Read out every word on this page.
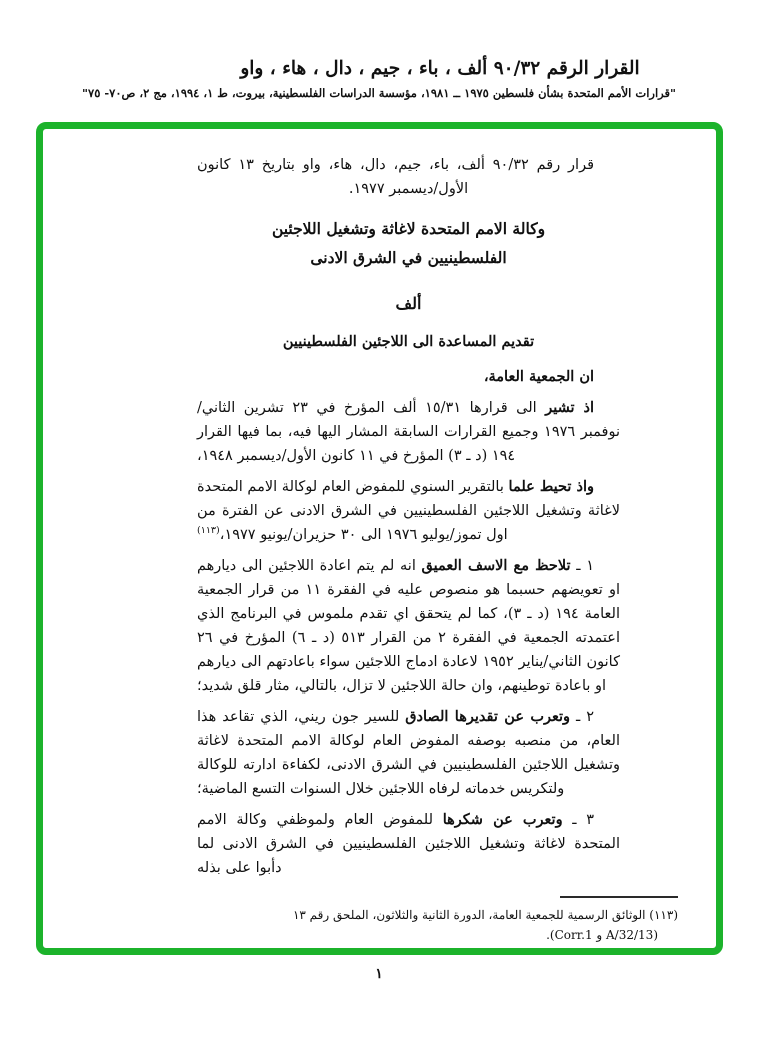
القرار الرقم ٩٠/٣٢ ألف ، باء ، جيم ، دال ، هاء ، واو
"قرارات الأمم المتحدة بشأن فلسطين ١٩٧٥ ــ ١٩٨١، مؤسسة الدراسات الفلسطينية، بيروت، ط ١، ١٩٩٤، مج ٢، ص٧٠- ٧٥"

قرار رقم ٩٠/٣٢ ألف، باء، جيم، دال، هاء، واو بتاريخ ١٣ كانون الأول/ديسمبر ١٩٧٧.

وكالة الامم المتحدة لاغاثة وتشغيل اللاجئين
الفلسطينيين في الشرق الادنى
ألف
تقديم المساعدة الى اللاجئين الفلسطينيين

ان الجمعية العامة،

اذ تشير الى قرارها ١٥/٣١ ألف المؤرخ في ٢٣ تشرين الثاني/نوفمبر ١٩٧٦ وجميع القرارات السابقة المشار اليها فيه، بما فيها القرار ١٩٤ (د ـ ٣) المؤرخ في ١١ كانون الأول/ديسمبر ١٩٤٨،

واذ تحيط علما بالتقرير السنوي للمفوض العام لوكالة الامم المتحدة لاغاثة وتشغيل اللاجئين الفلسطينيين في الشرق الادنى عن الفترة من اول تموز/يوليو ١٩٧٦ الى ٣٠ حزيران/يونيو ١٩٧٧،$^{(١١٣)}$

١ ـ تلاحظ مع الاسف العميق انه لم يتم اعادة اللاجئين الى ديارهم او تعويضهم حسبما هو منصوص عليه في الفقرة ١١ من قرار الجمعية العامة ١٩٤ (د ـ ٣)، كما لم يتحقق اي تقدم ملموس في البرنامج الذي اعتمدته الجمعية في الفقرة ٢ من القرار ٥١٣ (د ـ ٦) المؤرخ في ٢٦ كانون الثاني/يناير ١٩٥٢ لاعادة ادماج اللاجئين سواء باعادتهم الى ديارهم او باعادة توطينهم، وان حالة اللاجئين لا تزال، بالتالي، مثار قلق شديد؛

٢ ـ وتعرب عن تقديرها الصادق للسير جون ريني، الذي تقاعد هذا العام، من منصبه بوصفه المفوض العام لوكالة الامم المتحدة لاغاثة وتشغيل اللاجئين الفلسطينيين في الشرق الادنى، لكفاءة ادارته للوكالة ولتكريس خدماته لرفاه اللاجئين خلال السنوات التسع الماضية؛

٣ ـ وتعرب عن شكرها للمفوض العام ولموظفي وكالة الامم المتحدة لاغاثة وتشغيل اللاجئين الفلسطينيين في الشرق الادنى لما دأبوا على بذله

(١١٣) الوثائق الرسمية للجمعية العامة، الدورة الثانية والثلاثون، الملحق رقم ١٣
(A/32/13 و Corr.1).
١
